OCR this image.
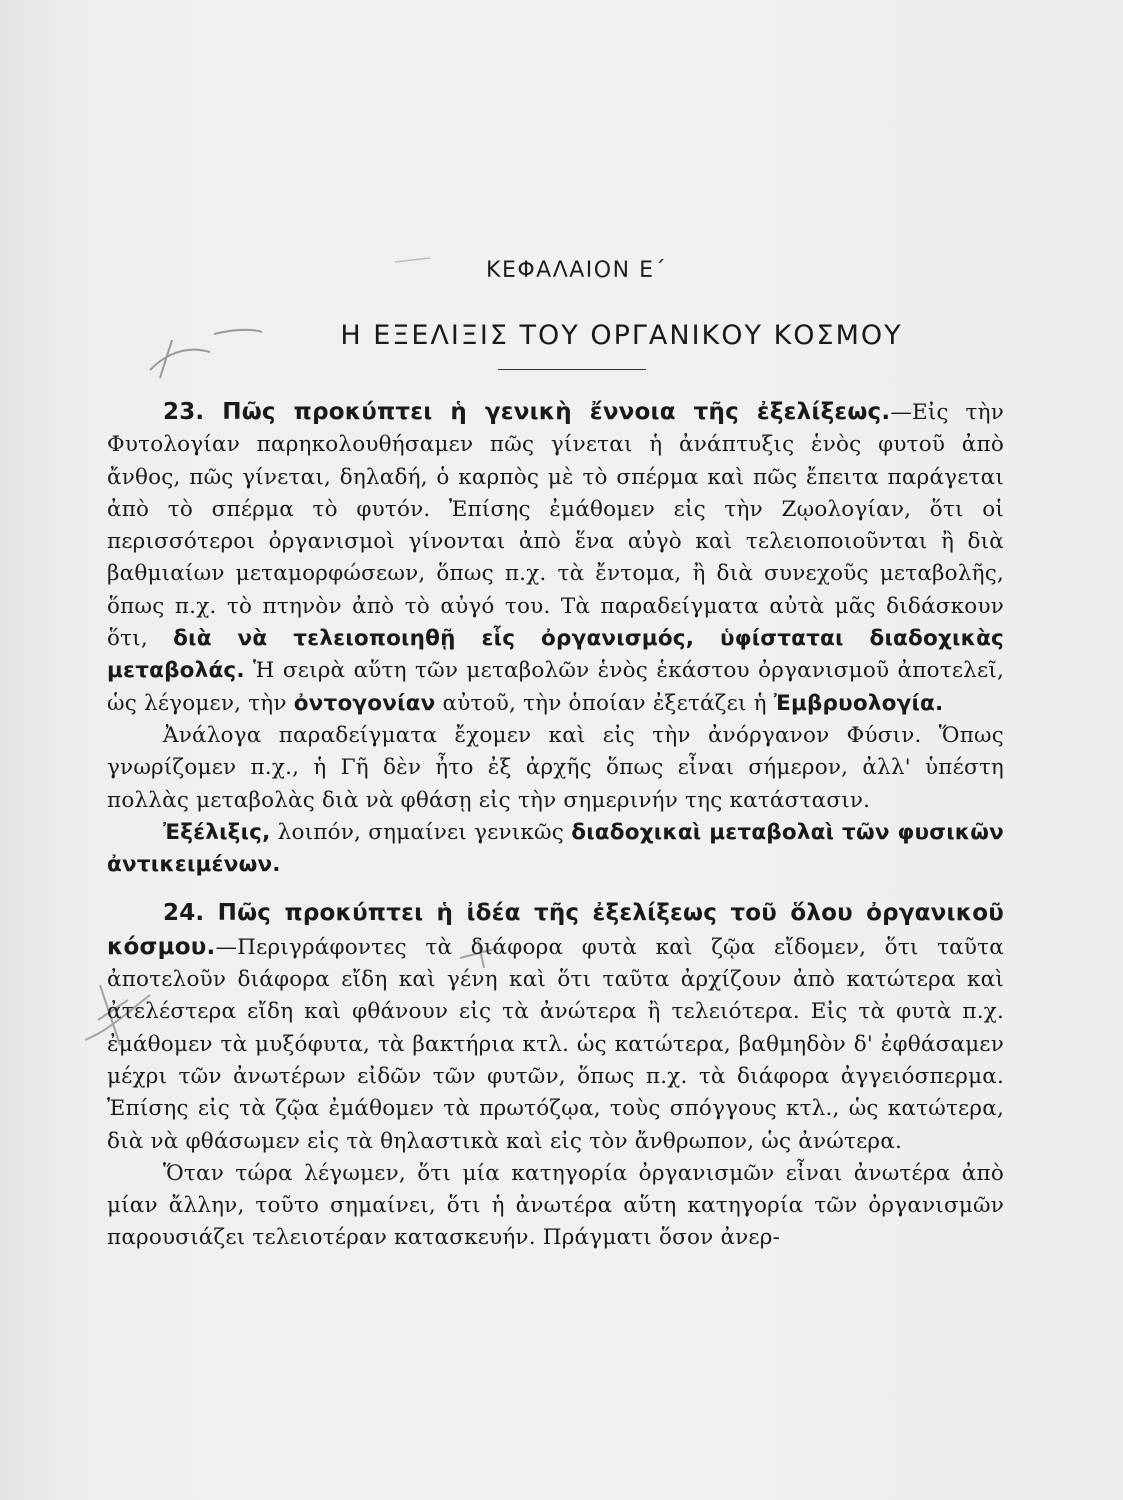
ΚΕΦΑΛΑΙΟΝ Ε΄
Η ΕΞΕΛΙΞΙΣ ΤΟΥ ΟΡΓΑΝΙΚΟΥ ΚΟΣΜΟΥ

23. Πῶς προκύπτει ἡ γενικὴ ἔννοια τῆς ἐξελίξεως.—Εἰς τὴν Φυτολογίαν παρηκολουθήσαμεν πῶς γίνεται ἡ ἀνάπτυξις ἑνὸς φυτοῦ ἀπὸ ἄνθος, πῶς γίνεται, δηλαδή, ὁ καρπὸς μὲ τὸ σπέρμα καὶ πῶς ἔπειτα παράγεται ἀπὸ τὸ σπέρμα τὸ φυτόν. Ἐπίσης ἐμάθομεν εἰς τὴν Ζῳολογίαν, ὅτι οἱ περισσότεροι ὀργανισμοὶ γίνονται ἀπὸ ἕνα αὐγὸ καὶ τελειοποιοῦνται ἢ διὰ βαθμιαίων μεταμορφώσεων, ὅπως π.χ. τὰ ἔντομα, ἢ διὰ συνεχοῦς μεταβολῆς, ὅπως π.χ. τὸ πτηνὸν ἀπὸ τὸ αὐγό του. Τὰ παραδείγματα αὐτὰ μᾶς διδάσκουν ὅτι, διὰ νὰ τελειοποιηθῇ εἷς ὀργανισμός, ὑφίσταται διαδοχικὰς μεταβολάς. Ἡ σειρὰ αὕτη τῶν μεταβολῶν ἑνὸς ἑκάστου ὀργανισμοῦ ἀποτελεῖ, ὡς λέγομεν, τὴν ὀντογονίαν αὐτοῦ, τὴν ὁποίαν ἐξετάζει ἡ Ἐμβρυολογία.

Ἀνάλογα παραδείγματα ἔχομεν καὶ εἰς τὴν ἀνόργανον Φύσιν. Ὅπως γνωρίζομεν π.χ., ἡ Γῆ δὲν ἦτο ἐξ ἀρχῆς ὅπως εἶναι σήμερον, ἀλλ' ὑπέστη πολλὰς μεταβολὰς διὰ νὰ φθάσῃ εἰς τὴν σημερινήν της κατάστασιν.

Ἐξέλιξις, λοιπόν, σημαίνει γενικῶς διαδοχικαὶ μεταβολαὶ τῶν φυσικῶν ἀντικειμένων.

24. Πῶς προκύπτει ἡ ἰδέα τῆς ἐξελίξεως τοῦ ὅλου ὀργανικοῦ κόσμου.—Περιγράφοντες τὰ διάφορα φυτὰ καὶ ζῷα εἴδομεν, ὅτι ταῦτα ἀποτελοῦν διάφορα εἴδη καὶ γένη καὶ ὅτι ταῦτα ἀρχίζουν ἀπὸ κατώτερα καὶ ἀτελέστερα εἴδη καὶ φθάνουν εἰς τὰ ἀνώτερα ἢ τελειότερα. Εἰς τὰ φυτὰ π.χ. ἐμάθομεν τὰ μυξόφυτα, τὰ βακτήρια κτλ. ὡς κατώτερα, βαθμηδὸν δ' ἐφθάσαμεν μέχρι τῶν ἀνωτέρων εἰδῶν τῶν φυτῶν, ὅπως π.χ. τὰ διάφορα ἀγγειόσπερμα. Ἐπίσης εἰς τὰ ζῷα ἐμάθομεν τὰ πρωτόζῳα, τοὺς σπόγγους κτλ., ὡς κατώτερα, διὰ νὰ φθάσωμεν εἰς τὰ θηλαστικὰ καὶ εἰς τὸν ἄνθρωπον, ὡς ἀνώτερα.

Ὅταν τώρα λέγωμεν, ὅτι μία κατηγορία ὀργανισμῶν εἶναι ἀνωτέρα ἀπὸ μίαν ἄλλην, τοῦτο σημαίνει, ὅτι ἡ ἀνωτέρα αὕτη κατηγορία τῶν ὀργανισμῶν παρουσιάζει τελειοτέραν κατασκευήν. Πράγματι ὅσον ἀνερ-
